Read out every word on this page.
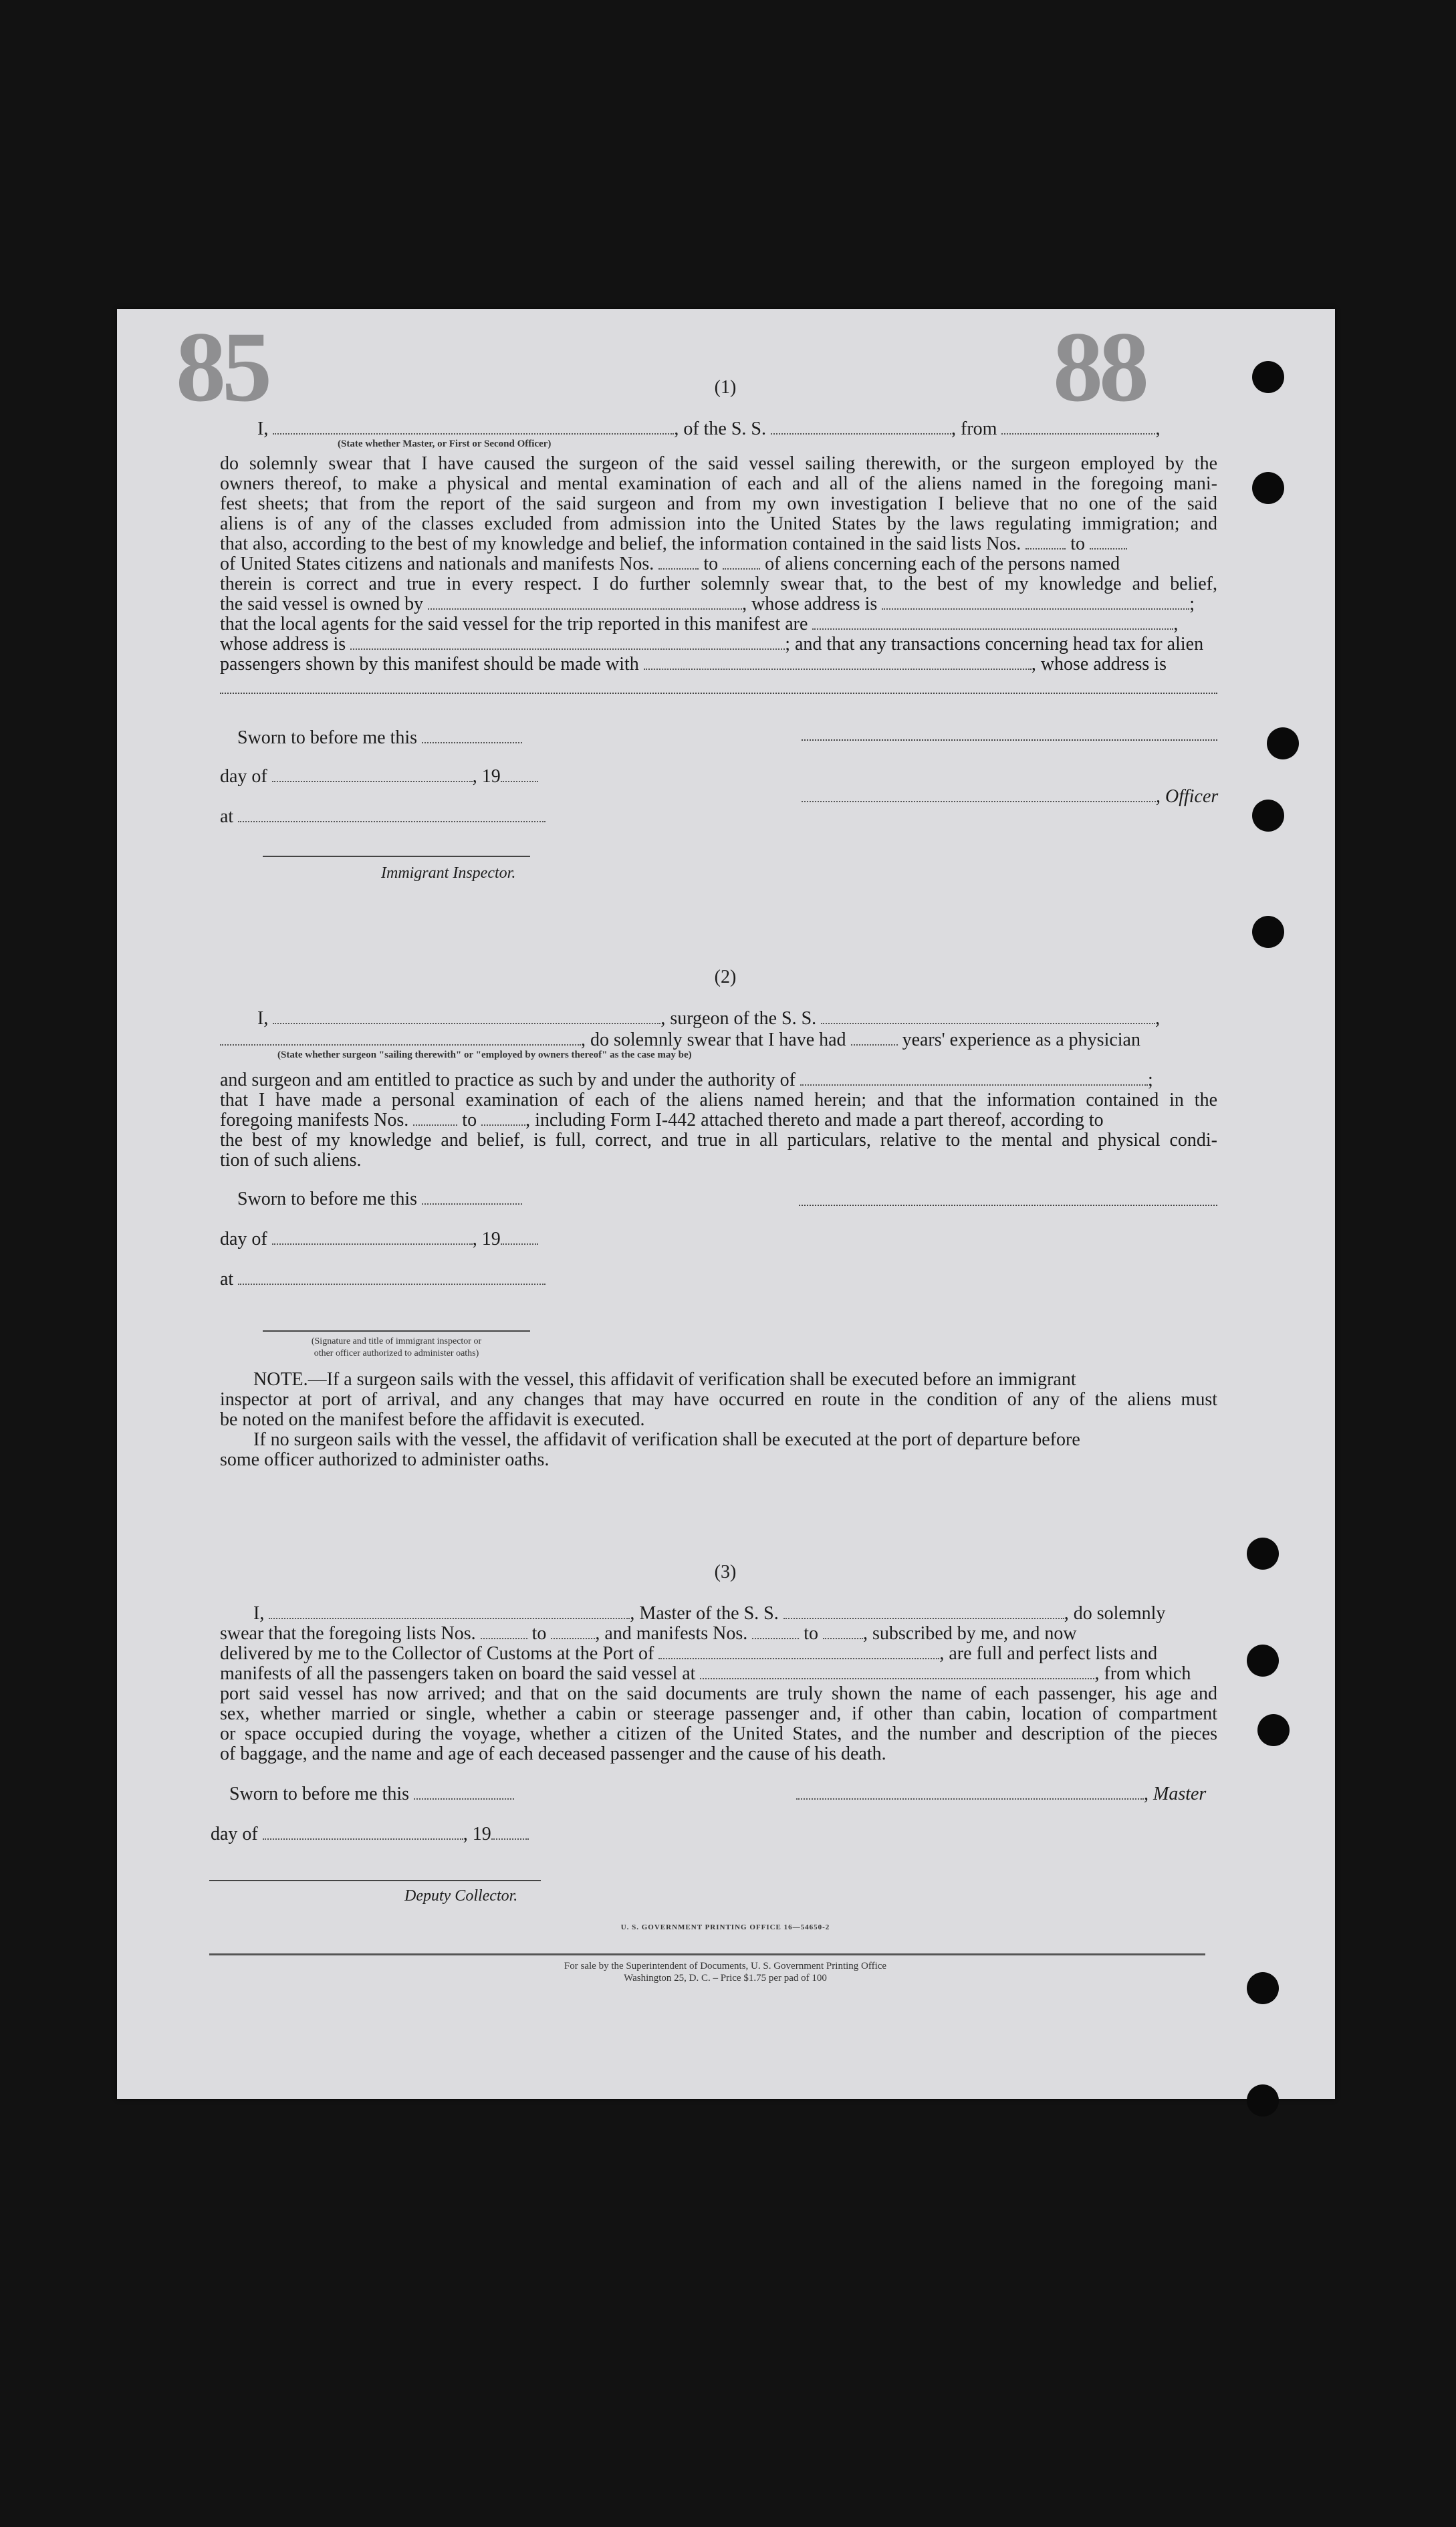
85	88
(1)
I,	, of the S. S.	, from	,
(State whether Master, or First or Second Officer)
do solemnly swear that I have caused the surgeon of the said vessel sailing therewith, or the surgeon employed by the
owners thereof, to make a physical and mental examination of each and all of the aliens named in the foregoing mani-
fest sheets; that from the report of the said surgeon and from my own investigation I believe that no one of the said
aliens is of any of the classes excluded from admission into the United States by the laws regulating immigration; and
that also, according to the best of my knowledge and belief, the information contained in the said lists Nos.	to
of United States citizens and nationals and manifests Nos.	to	of aliens concerning each of the persons named
therein is correct and true in every respect. I do further solemnly swear that, to the best of my knowledge and belief,
the said vessel is owned by	, whose address is	;
that the local agents for the said vessel for the trip reported in this manifest are	,
whose address is	; and that any transactions concerning head tax for alien
passengers shown by this manifest should be made with	, whose address is
Sworn to before me this
day of	, 19
, Officer
at
Immigrant Inspector.
(2)
I,	, surgeon of the S. S.	,
, do solemnly swear that I have had	years' experience as a physician
(State whether surgeon "sailing therewith" or "employed by owners thereof" as the case may be)
and surgeon and am entitled to practice as such by and under the authority of	;
that I have made a personal examination of each of the aliens named herein; and that the information contained in the
foregoing manifests Nos.	to	, including Form I-442 attached thereto and made a part thereof, according to
the best of my knowledge and belief, is full, correct, and true in all particulars, relative to the mental and physical condi-
tion of such aliens.
Sworn to before me this
day of	, 19
at
(Signature and title of immigrant inspector or
other officer authorized to administer oaths)
NOTE.—If a surgeon sails with the vessel, this affidavit of verification shall be executed before an immigrant
inspector at port of arrival, and any changes that may have occurred en route in the condition of any of the aliens must
be noted on the manifest before the affidavit is executed.
If no surgeon sails with the vessel, the affidavit of verification shall be executed at the port of departure before
some officer authorized to administer oaths.
(3)
I,	, Master of the S. S.	, do solemnly
swear that the foregoing lists Nos.	to	, and manifests Nos.	to , subscribed by me, and now
delivered by me to the Collector of Customs at the Port of	, are full and perfect lists and
manifests of all the passengers taken on board the said vessel at	, from which
port said vessel has now arrived; and that on the said documents are truly shown the name of each passenger, his age and
sex, whether married or single, whether a cabin or steerage passenger and, if other than cabin, location of compartment
or space occupied during the voyage, whether a citizen of the United States, and the number and description of the pieces
of baggage, and the name and age of each deceased passenger and the cause of his death.
Sworn to before me this	, Master
day of	, 19
Deputy Collector.
U. S. GOVERNMENT PRINTING OFFICE 16—54650-2
For sale by the Superintendent of Documents, U. S. Government Printing Office
Washington 25, D. C. – Price $1.75 per pad of 100
